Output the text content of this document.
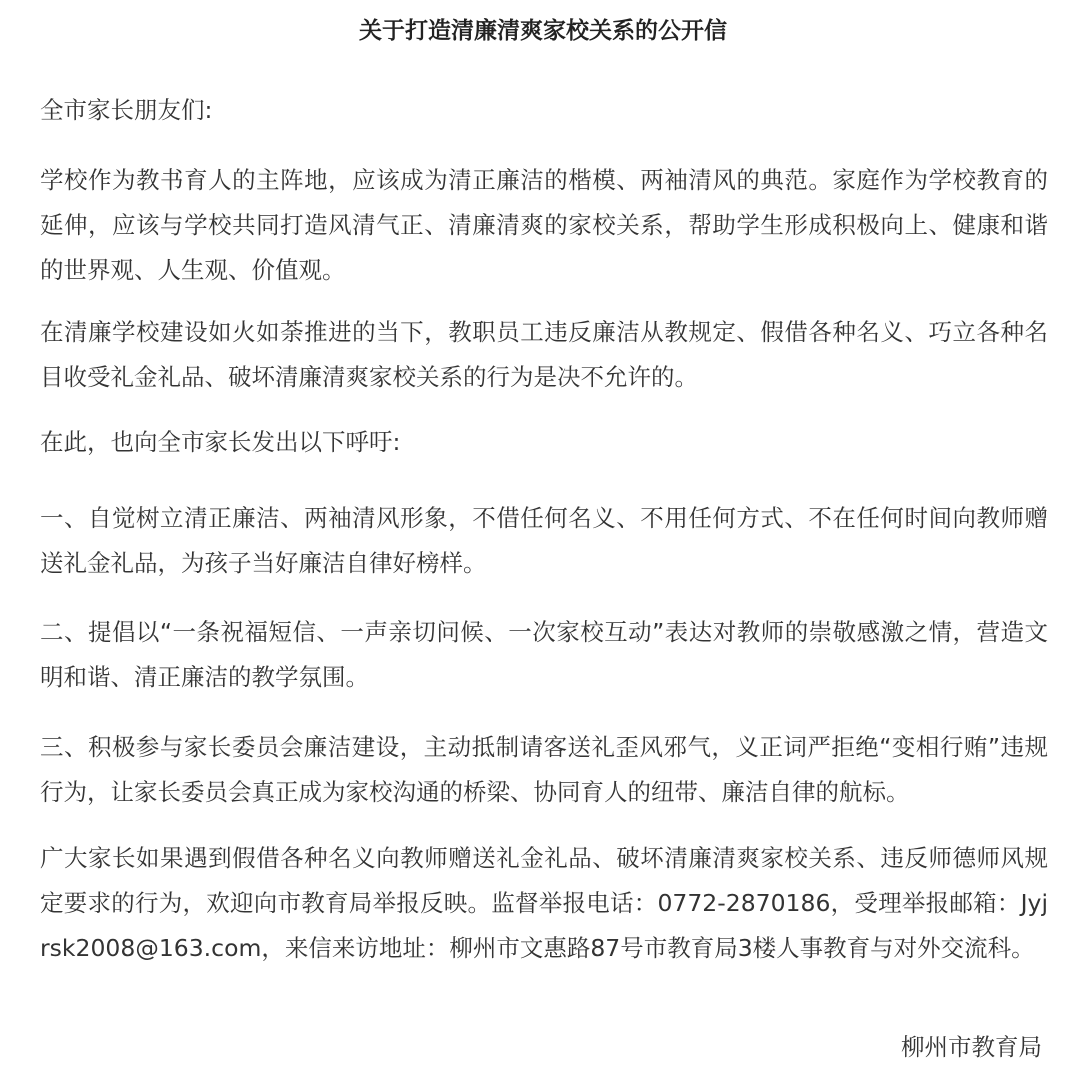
关于打造清廉清爽家校关系的公开信

全市家长朋友们:

学校作为教书育人的主阵地，应该成为清正廉洁的楷模、两袖清风的典范。家庭作为学校教育的延伸，应该与学校共同打造风清气正、清廉清爽的家校关系，帮助学生形成积极向上、健康和谐的世界观、人生观、价值观。

在清廉学校建设如火如荼推进的当下，教职员工违反廉洁从教规定、假借各种名义、巧立各种名目收受礼金礼品、破坏清廉清爽家校关系的行为是决不允许的。

在此，也向全市家长发出以下呼吁:

一、自觉树立清正廉洁、两袖清风形象，不借任何名义、不用任何方式、不在任何时间向教师赠送礼金礼品，为孩子当好廉洁自律好榜样。

二、提倡以“一条祝福短信、一声亲切问候、一次家校互动”表达对教师的崇敬感激之情，营造文明和谐、清正廉洁的教学氛围。

三、积极参与家长委员会廉洁建设，主动抵制请客送礼歪风邪气，义正词严拒绝“变相行贿”违规行为，让家长委员会真正成为家校沟通的桥梁、协同育人的纽带、廉洁自律的航标。

广大家长如果遇到假借各种名义向教师赠送礼金礼品、破坏清廉清爽家校关系、违反师德师风规定要求的行为，欢迎向市教育局举报反映。监督举报电话：0772-2870186，受理举报邮箱：Jyjrsk2008@163.com，来信来访地址：柳州市文惠路87号市教育局3楼人事教育与对外交流科。

柳州市教育局
